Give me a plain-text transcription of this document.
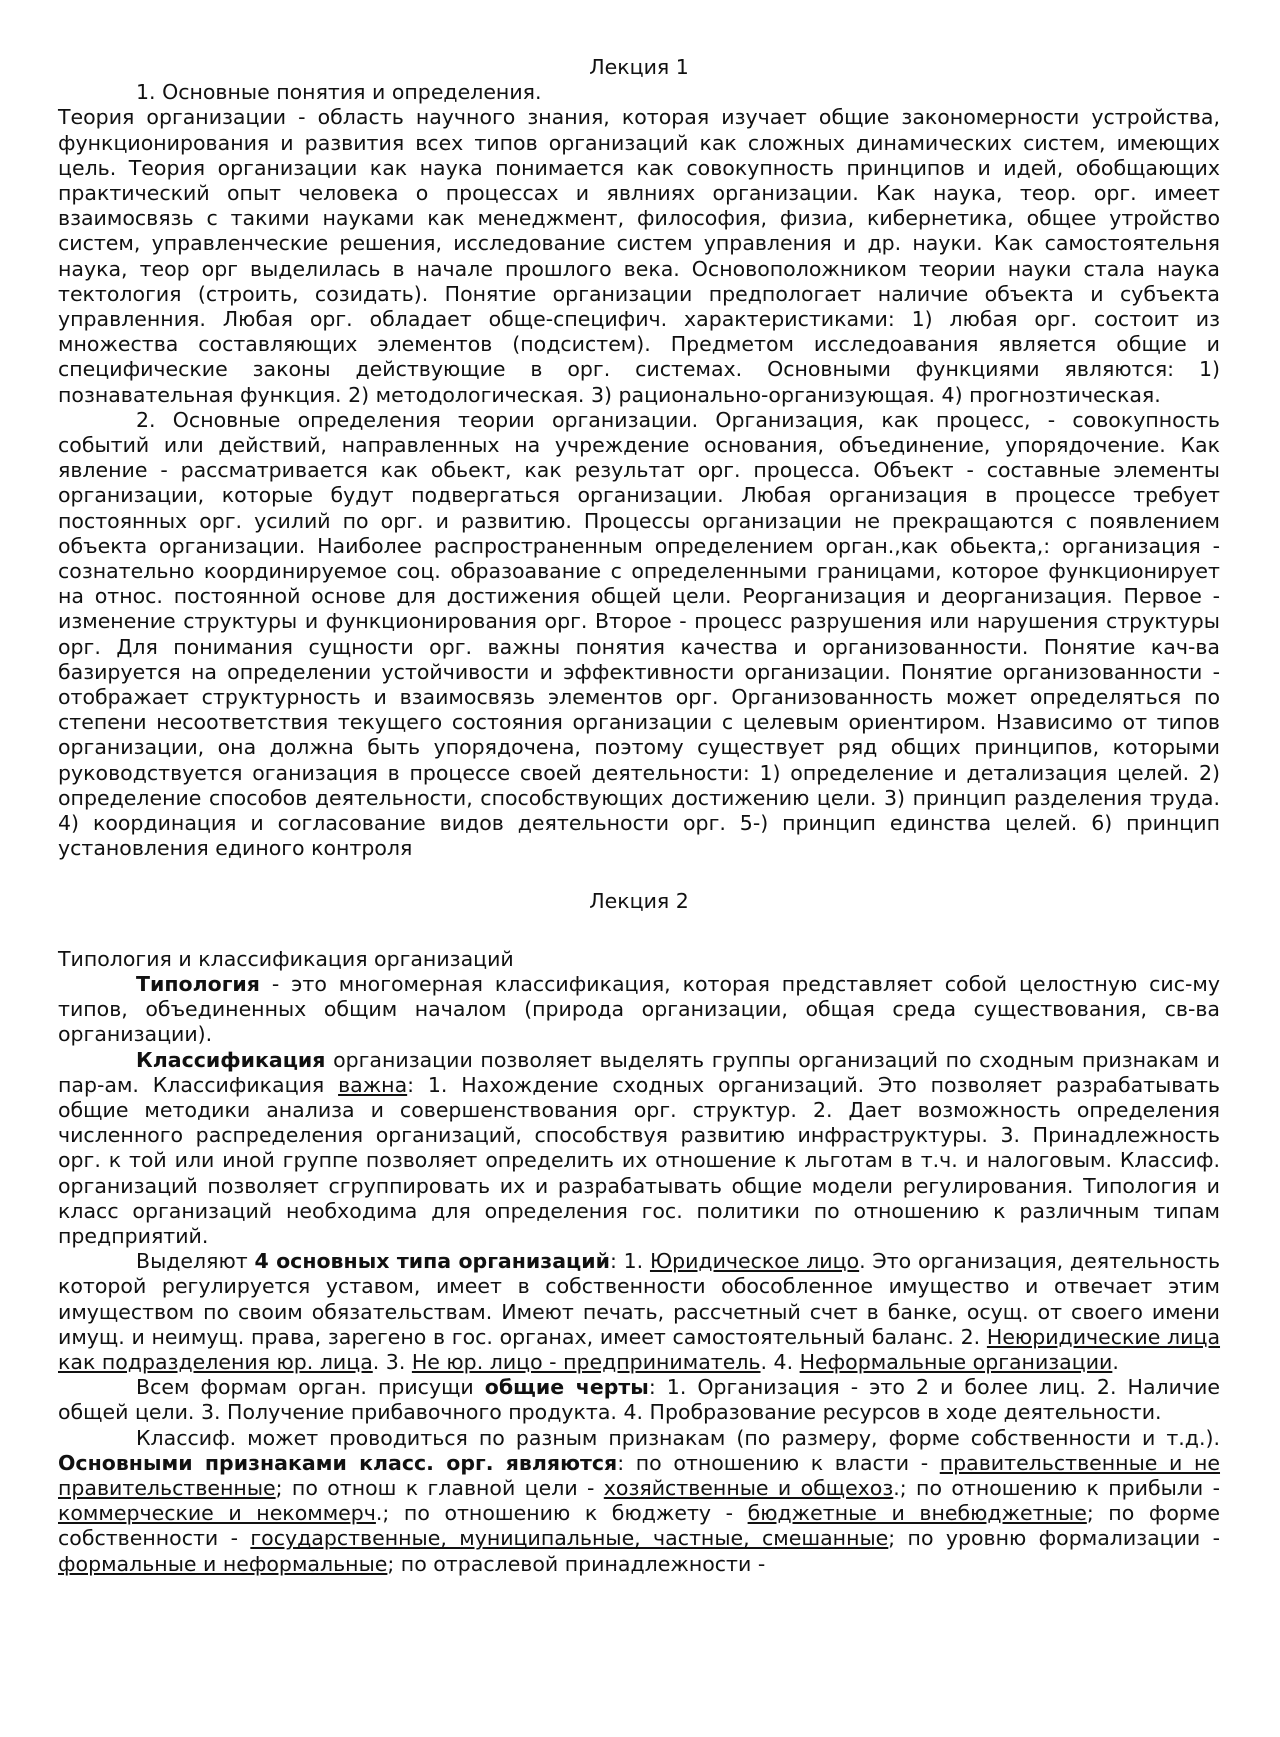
Лекция 1

1. Основные понятия и определения.

Теория организации - область научного знания, которая изучает общие закономерности устройства, функционирования и развития всех типов организаций как сложных динамических систем, имеющих цель. Теория организации как наука понимается как совокупность принципов и идей, обобщающих практический опыт человека о процессах и явлниях организации. Как наука, теор. орг. имеет взаимосвязь с такими науками как менеджмент, философия, физиа, кибернетика, общее утройство систем, управленческие решения, исследование систем управления и др. науки. Как самостоятельня наука, теор орг выделилась в начале прошлого века. Основоположником теории науки стала наука тектология (строить, созидать). Понятие организации предпологает наличие объекта и субъекта управленния. Любая орг. обладает обще-специфич. характеристиками: 1) любая орг. состоит из множества составляющих элементов (подсистем). Предметом исследоавания является общие и специфические законы действующие в орг. системах. Основными функциями являются: 1) познавательная функция. 2) методологическая. 3) рационально-организующая. 4) прогнозтическая.

2. Основные определения теории организации. Организация, как процесс, - совокупность событий или действий, направленных на учреждение основания, объединение, упорядочение. Как явление - рассматривается как обьект, как результат орг. процесса. Объект - составные элементы организации, которые будут подвергаться организации. Любая организация в процессе требует постоянных орг. усилий по орг. и развитию. Процессы организации не прекращаются с появлением объекта организации. Наиболее распространенным определением орган.,как обьекта,: организация - сознательно координируемое соц. образоавание с определенными границами, которое функционирует на относ. постоянной основе для достижения общей цели. Реорганизация и деорганизация. Первое - изменение структуры и функционирования орг. Второе - процесс разрушения или нарушения структуры орг. Для понимания сущности орг. важны понятия качества и организованности. Понятие кач-ва базируется на определении устойчивости и эффективности организации. Понятие организованности - отображает структурность и взаимосвязь элементов орг. Организованность может определяться по степени несоответствия текущего состояния организации с целевым ориентиром. Нзависимо от типов организации, она должна быть упорядочена, поэтому существует ряд общих принципов, которыми руководствуется оганизация в процессе своей деятельности: 1) определение и детализация целей. 2) определение способов деятельности, способствующих достижению цели. 3) принцип разделения труда. 4) координация и согласование видов деятельности орг. 5-) принцип единства цeлей. 6) принцип установления единого контроля

Лекция 2

Типология и классификация организаций

Типология - это многомерная классификация, которая представляет собой целостную сис-му типов, объединенных общим началом (природа организации, общая среда существования, св-ва организации).

Классификация организации позволяет выделять группы организаций по сходным признакам и пар-ам. Классификация важна: 1. Нахождение сходных организаций. Это позволяет разрабатывать общие методики анализа и совершенствования орг. структур. 2. Дает возможность определения численного распределения организаций, способствуя развитию инфраструктуры. 3. Принадлежность орг. к той или иной группе позволяет определить их отношение к льготам в т.ч. и налоговым. Классиф. организаций позволяет сгруппировать их и разрабатывать общие модели регулирования. Типология и класс организаций необходима для определения гос. политики по отношению к различным типам предприятий.

Выделяют 4 основных типа организаций: 1. Юридическое лицо. Это организация, деятельность которой регулируется уставом, имеет в собственности обособленное имущество и отвечает этим имуществом по своим обязательствам. Имеют печать, рассчетный счет в банке, осущ. от своего имени имущ. и неимущ. права, зарегено в гос. органах, имеет самостоятельный баланс. 2. Неюридические лица как подразделения юр. лица. 3. Не юр. лицо - предприниматель. 4. Неформальные организации.

Всем формам орган. присущи общие черты: 1. Организация - это 2 и более лиц. 2. Наличие общей цели. 3. Получение прибавочного продукта. 4. Пробразование ресурсов в ходе деятельности.

Классиф. может проводиться по разным признакам (по размеру, форме собственности и т.д.). Основными признаками класс. орг. являются: по отношению к власти - правительственные и не правительственные; по отнош к главной цели - хозяйственные и общехоз.; по отношению к прибыли - коммерческие и некоммерч.; по отношению к бюджету - бюджетные и внебюджетные; по форме собственности - государственные, муниципальные, частные, смешанные; по уровню формализации - формальные и неформальные; по отраслевой принадлежности -
